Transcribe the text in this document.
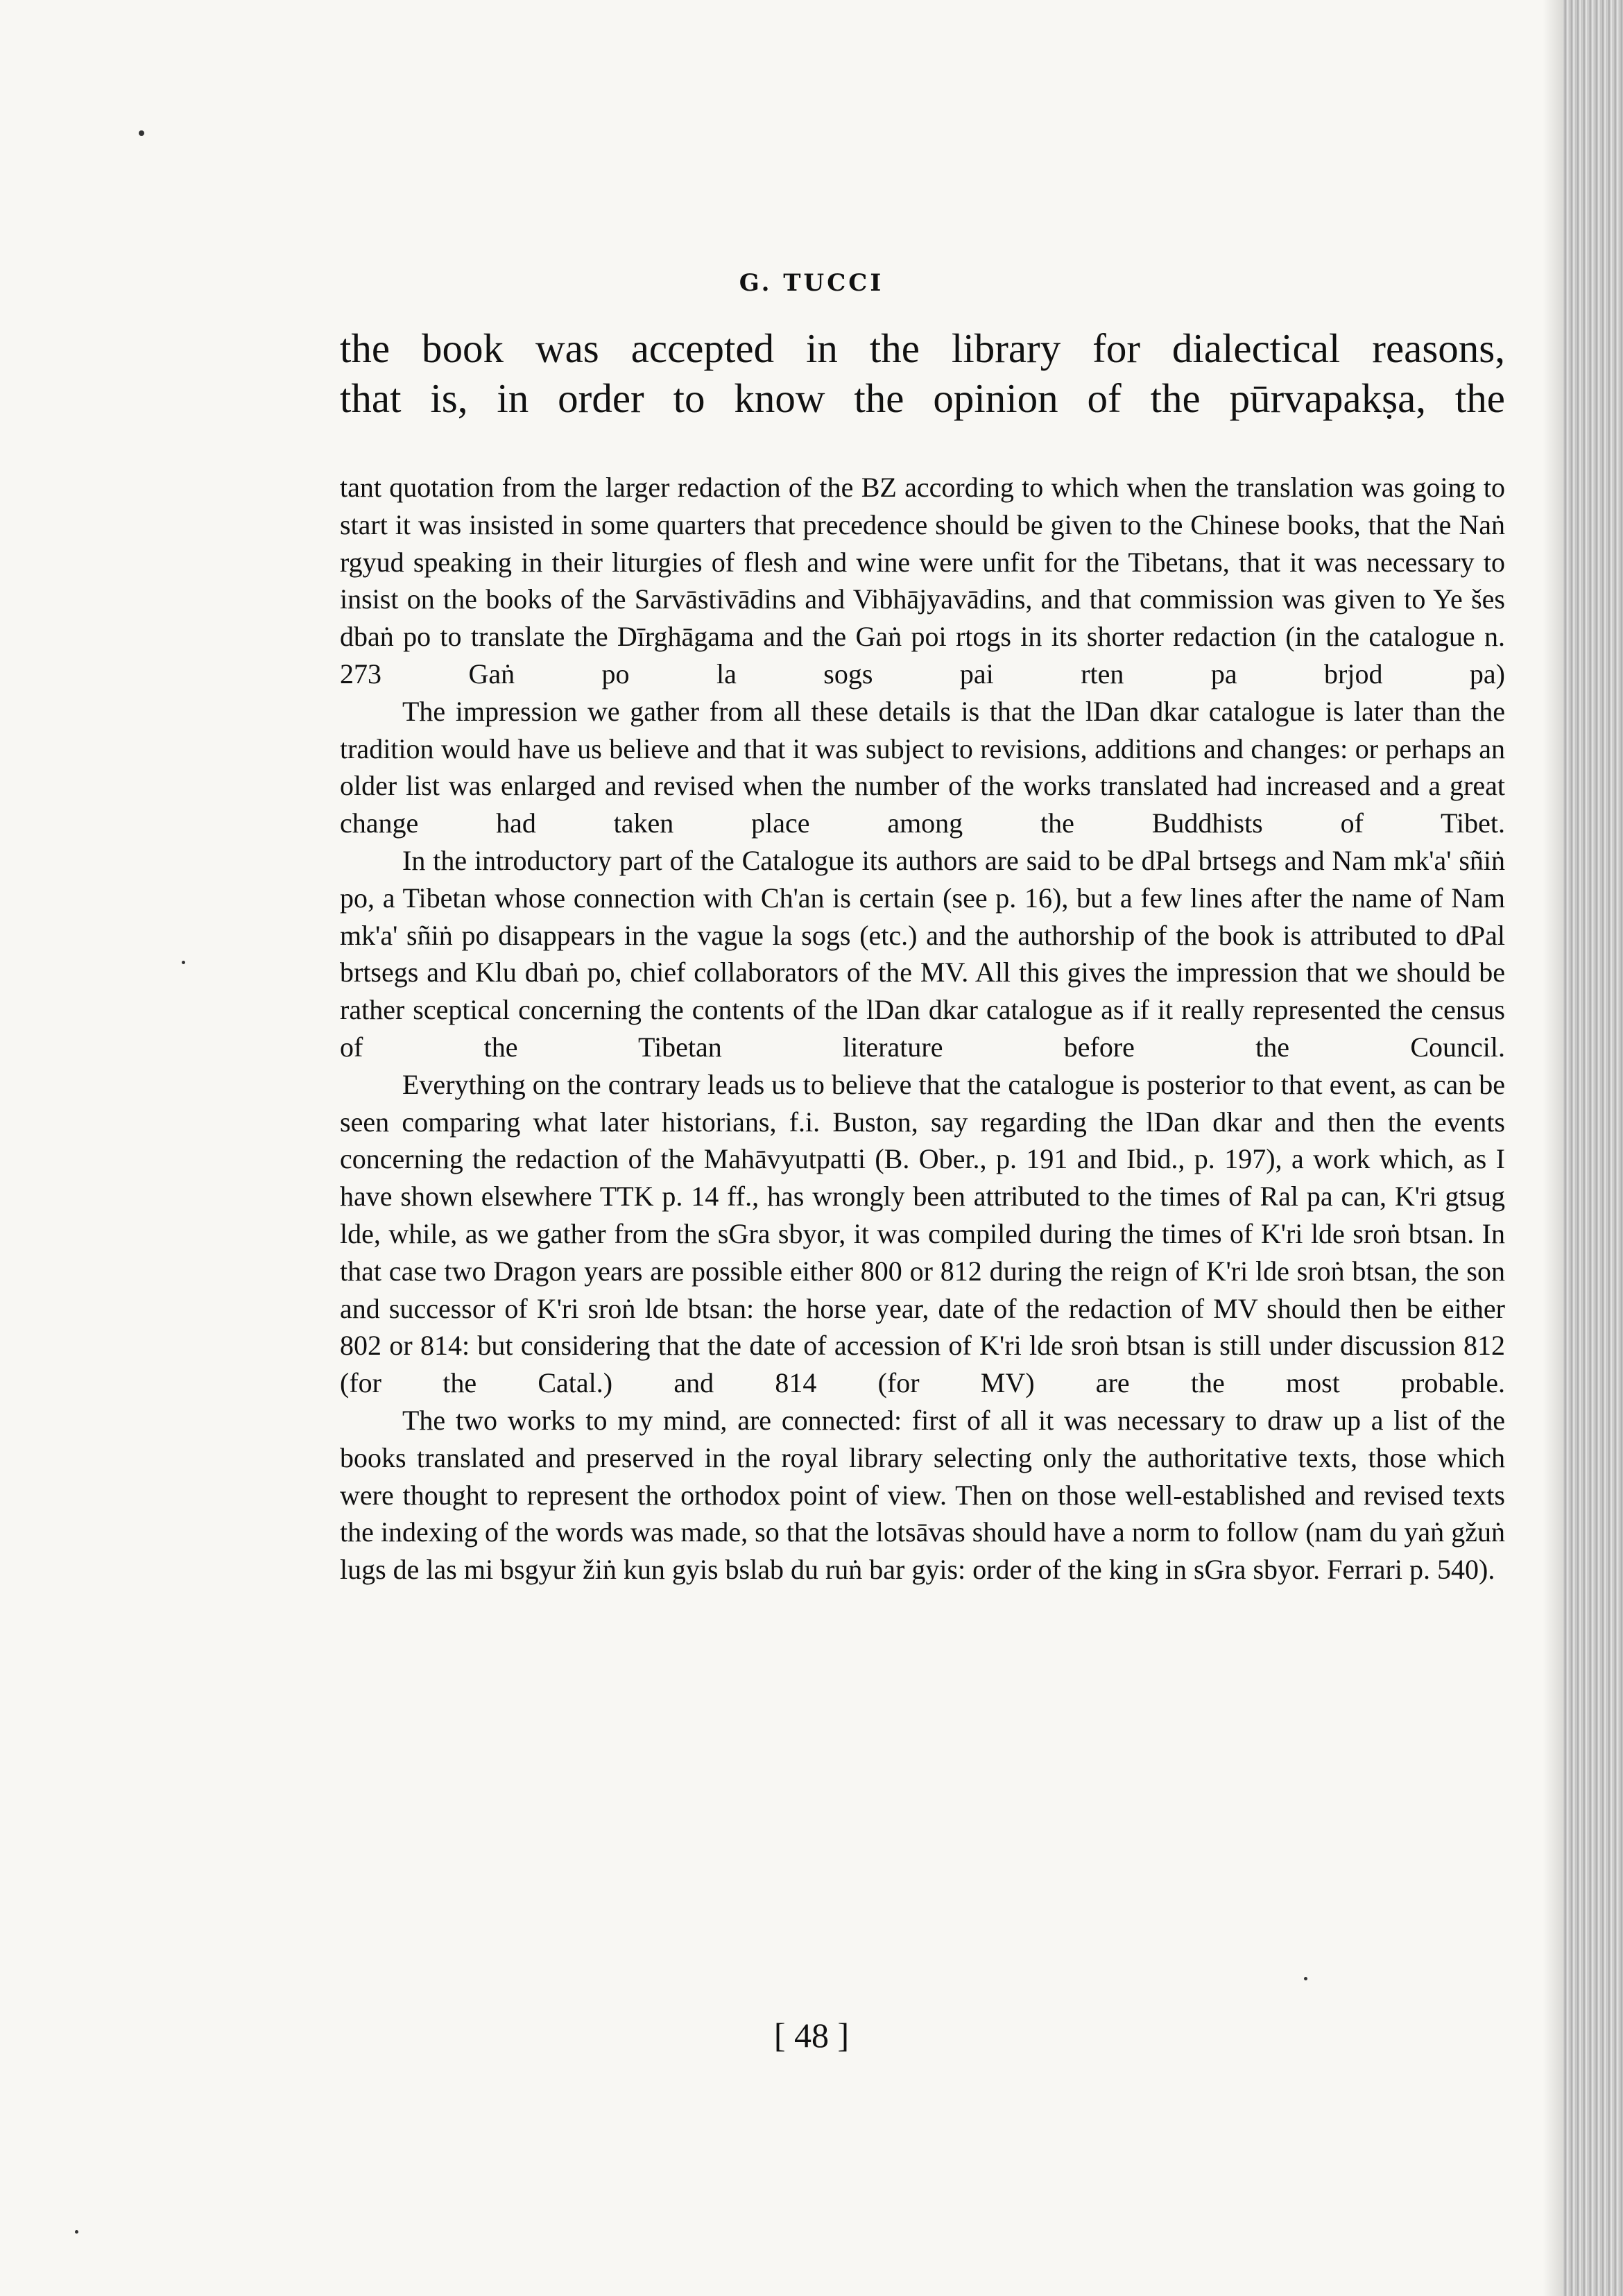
G. TUCCI
the book was accepted in the library for dialectical reasons,
that is, in order to know the opinion of the pūrvapakṣa, the

tant quotation from the larger redaction of the BZ according to which when the translation was going to start it was insisted in some quarters that precedence should be given to the Chinese books, that the Naṅ rgyud speaking in their liturgies of flesh and wine were unfit for the Tibetans, that it was necessary to insist on the books of the Sarvāstivādins and Vibhājyavādins, and that commission was given to Ye šes dbaṅ po to translate the Dīrghāgama and the Gaṅ poi rtogs in its shorter redaction (in the catalogue n. 273 Gaṅ po la sogs pai rten pa brjod pa)

The impression we gather from all these details is that the lDan dkar catalogue is later than the tradition would have us believe and that it was subject to revisions, additions and changes: or perhaps an older list was enlarged and revised when the number of the works translated had increased and a great change had taken place among the Buddhists of Tibet.

In the introductory part of the Catalogue its authors are said to be dPal brtsegs and Nam mk'a' sñiṅ po, a Tibetan whose connection with Ch'an is certain (see p. 16), but a few lines after the name of Nam mk'a' sñiṅ po disappears in the vague la sogs (etc.) and the authorship of the book is attributed to dPal brtsegs and Klu dbaṅ po, chief collaborators of the MV. All this gives the impression that we should be rather sceptical concerning the contents of the lDan dkar catalogue as if it really represented the census of the Tibetan literature before the Council.

Everything on the contrary leads us to believe that the catalogue is posterior to that event, as can be seen comparing what later historians, f.i. Buston, say regarding the lDan dkar and then the events concerning the redaction of the Mahāvyutpatti (B. Ober., p. 191 and Ibid., p. 197), a work which, as I have shown elsewhere TTK p. 14 ff., has wrongly been attributed to the times of Ral pa can, K'ri gtsug lde, while, as we gather from the sGra sbyor, it was compiled during the times of K'ri lde sroṅ btsan. In that case two Dragon years are possible either 800 or 812 during the reign of K'ri lde sroṅ btsan, the son and successor of K'ri sroṅ lde btsan: the horse year, date of the redaction of MV should then be either 802 or 814: but considering that the date of accession of K'ri lde sroṅ btsan is still under discussion 812 (for the Catal.) and 814 (for MV) are the most probable.

The two works to my mind, are connected: first of all it was necessary to draw up a list of the books translated and preserved in the royal library selecting only the authoritative texts, those which were thought to represent the orthodox point of view. Then on those well-established and revised texts the indexing of the words was made, so that the lotsāvas should have a norm to follow (nam du yaṅ gžuṅ lugs de las mi bsgyur žiṅ kun gyis bslab du ruṅ bar gyis: order of the king in sGra sbyor. Ferrari p. 540).

[ 48 ]
